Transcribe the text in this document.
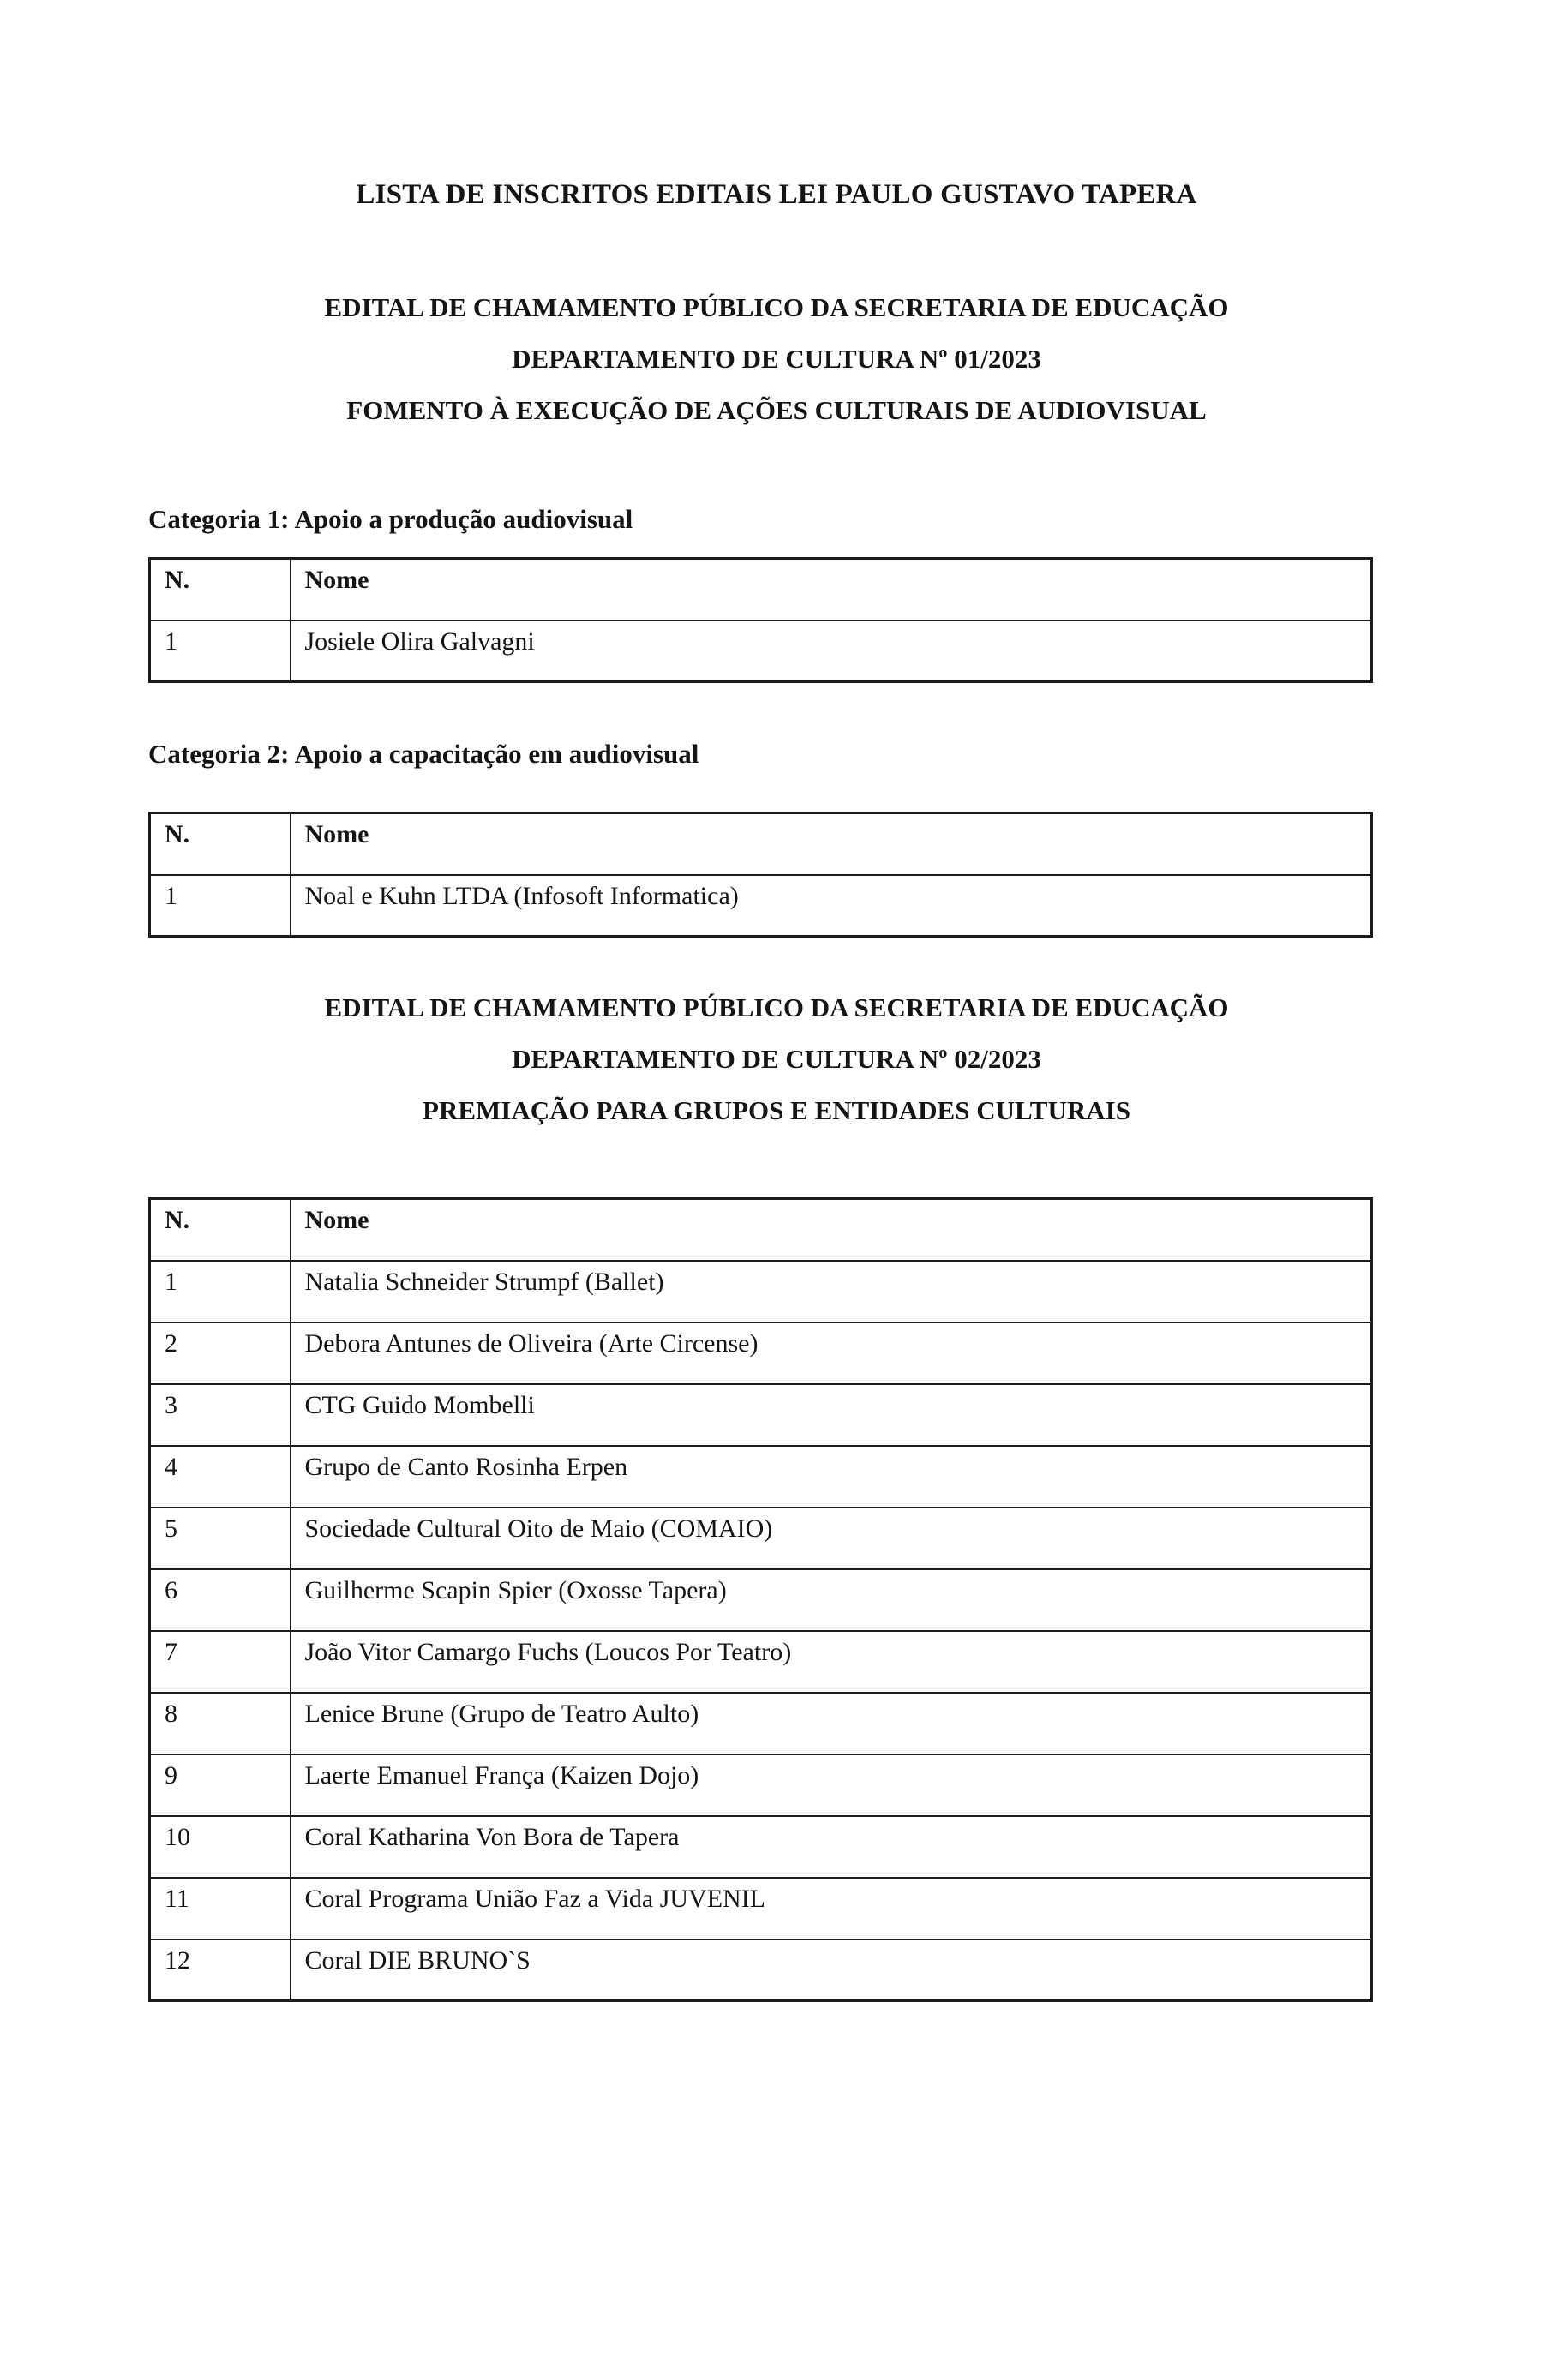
LISTA DE INSCRITOS EDITAIS LEI PAULO GUSTAVO TAPERA
EDITAL DE CHAMAMENTO PÚBLICO DA SECRETARIA DE EDUCAÇÃO
DEPARTAMENTO DE CULTURA Nº 01/2023
FOMENTO À EXECUÇÃO DE AÇÕES CULTURAIS DE AUDIOVISUAL
Categoria 1: Apoio a produção audiovisual
N.	Nome
1	Josiele Olira Galvagni
Categoria 2: Apoio a capacitação em audiovisual
N.	Nome
1	Noal e Kuhn LTDA (Infosoft Informatica)
EDITAL DE CHAMAMENTO PÚBLICO DA SECRETARIA DE EDUCAÇÃO
DEPARTAMENTO DE CULTURA Nº 02/2023
PREMIAÇÃO PARA GRUPOS E ENTIDADES CULTURAIS
N.	Nome
1	Natalia Schneider Strumpf (Ballet)
2	Debora Antunes de Oliveira (Arte Circense)
3	CTG Guido Mombelli
4	Grupo de Canto Rosinha Erpen
5	Sociedade Cultural Oito de Maio (COMAIO)
6	Guilherme Scapin Spier (Oxosse Tapera)
7	João Vitor Camargo Fuchs (Loucos Por Teatro)
8	Lenice Brune (Grupo de Teatro Aulto)
9	Laerte Emanuel França (Kaizen Dojo)
10	Coral Katharina Von Bora de Tapera
11	Coral Programa União Faz a Vida JUVENIL
12	Coral DIE BRUNO`S
